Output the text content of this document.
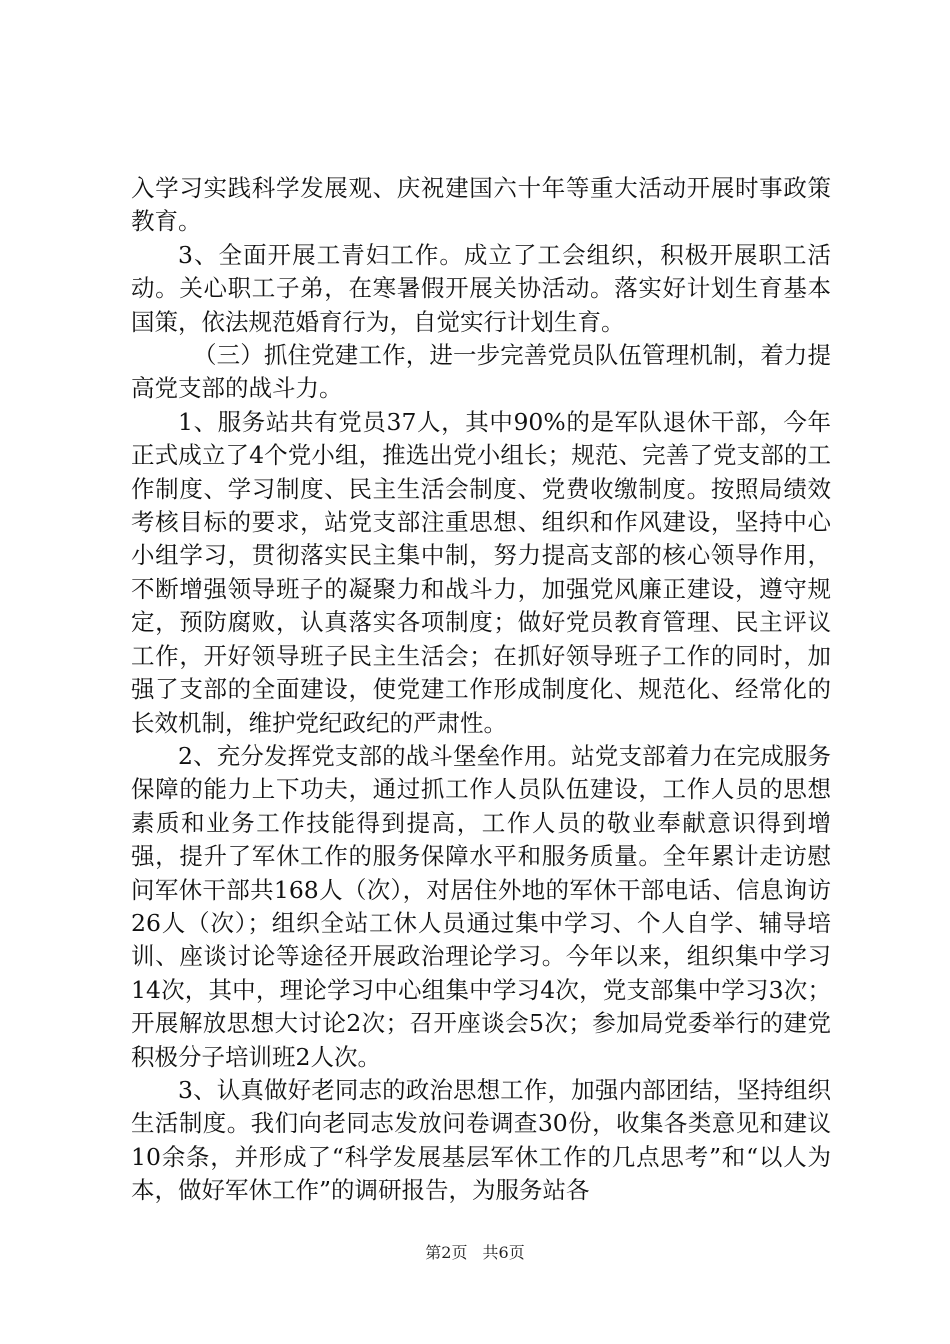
入学习实践科学发展观、庆祝建国六十年等重大活动开展时事政策教育。

3、全面开展工青妇工作。成立了工会组织，积极开展职工活动。关心职工子弟，在寒暑假开展关协活动。落实好计划生育基本国策，依法规范婚育行为，自觉实行计划生育。

（三）抓住党建工作，进一步完善党员队伍管理机制，着力提高党支部的战斗力。

1、服务站共有党员37人，其中90%的是军队退休干部，今年正式成立了4个党小组，推选出党小组长；规范、完善了党支部的工作制度、学习制度、民主生活会制度、党费收缴制度。按照局绩效考核目标的要求，站党支部注重思想、组织和作风建设，坚持中心小组学习，贯彻落实民主集中制，努力提高支部的核心领导作用，不断增强领导班子的凝聚力和战斗力，加强党风廉正建设，遵守规定，预防腐败，认真落实各项制度；做好党员教育管理、民主评议工作，开好领导班子民主生活会；在抓好领导班子工作的同时，加强了支部的全面建设，使党建工作形成制度化、规范化、经常化的长效机制，维护党纪政纪的严肃性。

2、充分发挥党支部的战斗堡垒作用。站党支部着力在完成服务保障的能力上下功夫，通过抓工作人员队伍建设，工作人员的思想素质和业务工作技能得到提高，工作人员的敬业奉献意识得到增强，提升了军休工作的服务保障水平和服务质量。全年累计走访慰问军休干部共168人（次），对居住外地的军休干部电话、信息询访26人（次）；组织全站工休人员通过集中学习、个人自学、辅导培训、座谈讨论等途径开展政治理论学习。今年以来，组织集中学习14次，其中，理论学习中心组集中学习4次，党支部集中学习3次；开展解放思想大讨论2次；召开座谈会5次；参加局党委举行的建党积极分子培训班2人次。

3、认真做好老同志的政治思想工作，加强内部团结，坚持组织生活制度。我们向老同志发放问卷调查30份，收集各类意见和建议10余条，并形成了“科学发展基层军休工作的几点思考”和“以人为本，做好军休工作”的调研报告，为服务站各

第2页 共6页
